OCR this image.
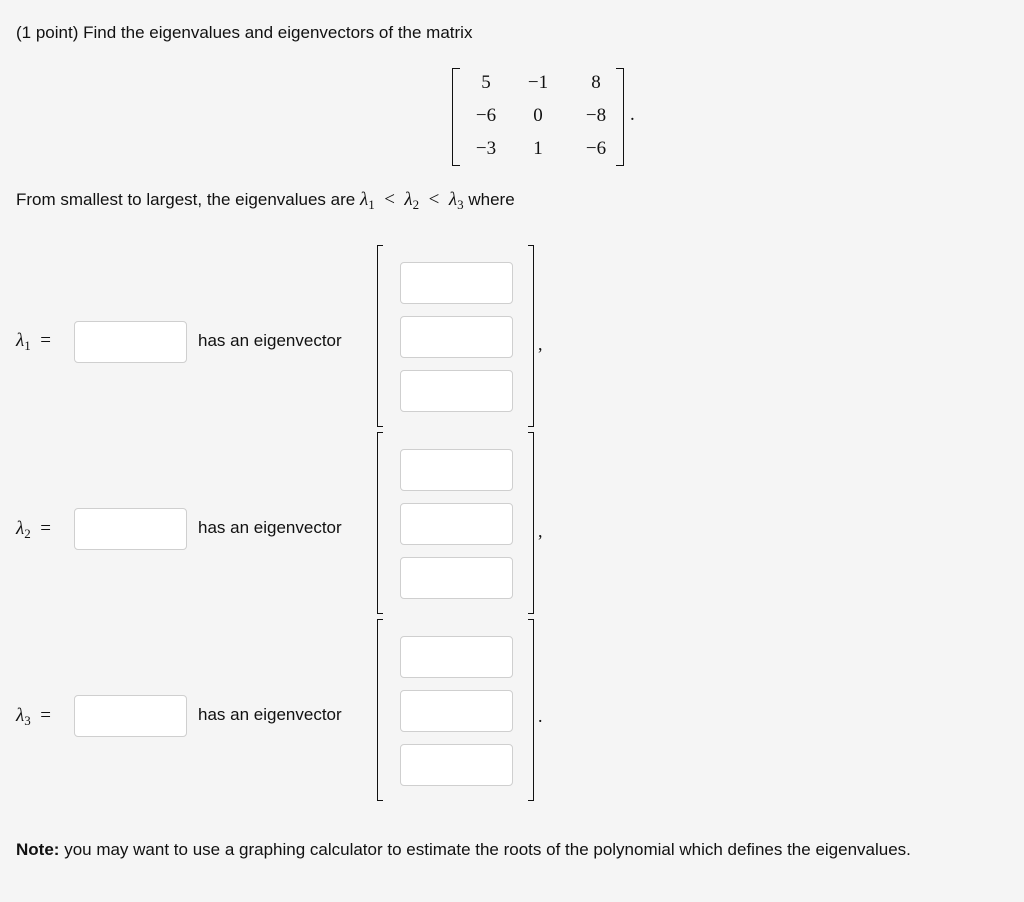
(1 point) Find the eigenvalues and eigenvectors of the matrix
5	−1	8
−6	0	−8
−3	1	−6
.
From smallest to largest, the eigenvalues are $\lambda_1 < \lambda_2 < \lambda_3$ where
$\lambda_1$ =	has an eigenvector	,
$\lambda_2$ =	has an eigenvector	,
$\lambda_3$ =	has an eigenvector	.
Note: you may want to use a graphing calculator to estimate the roots of the polynomial which defines the eigenvalues.
